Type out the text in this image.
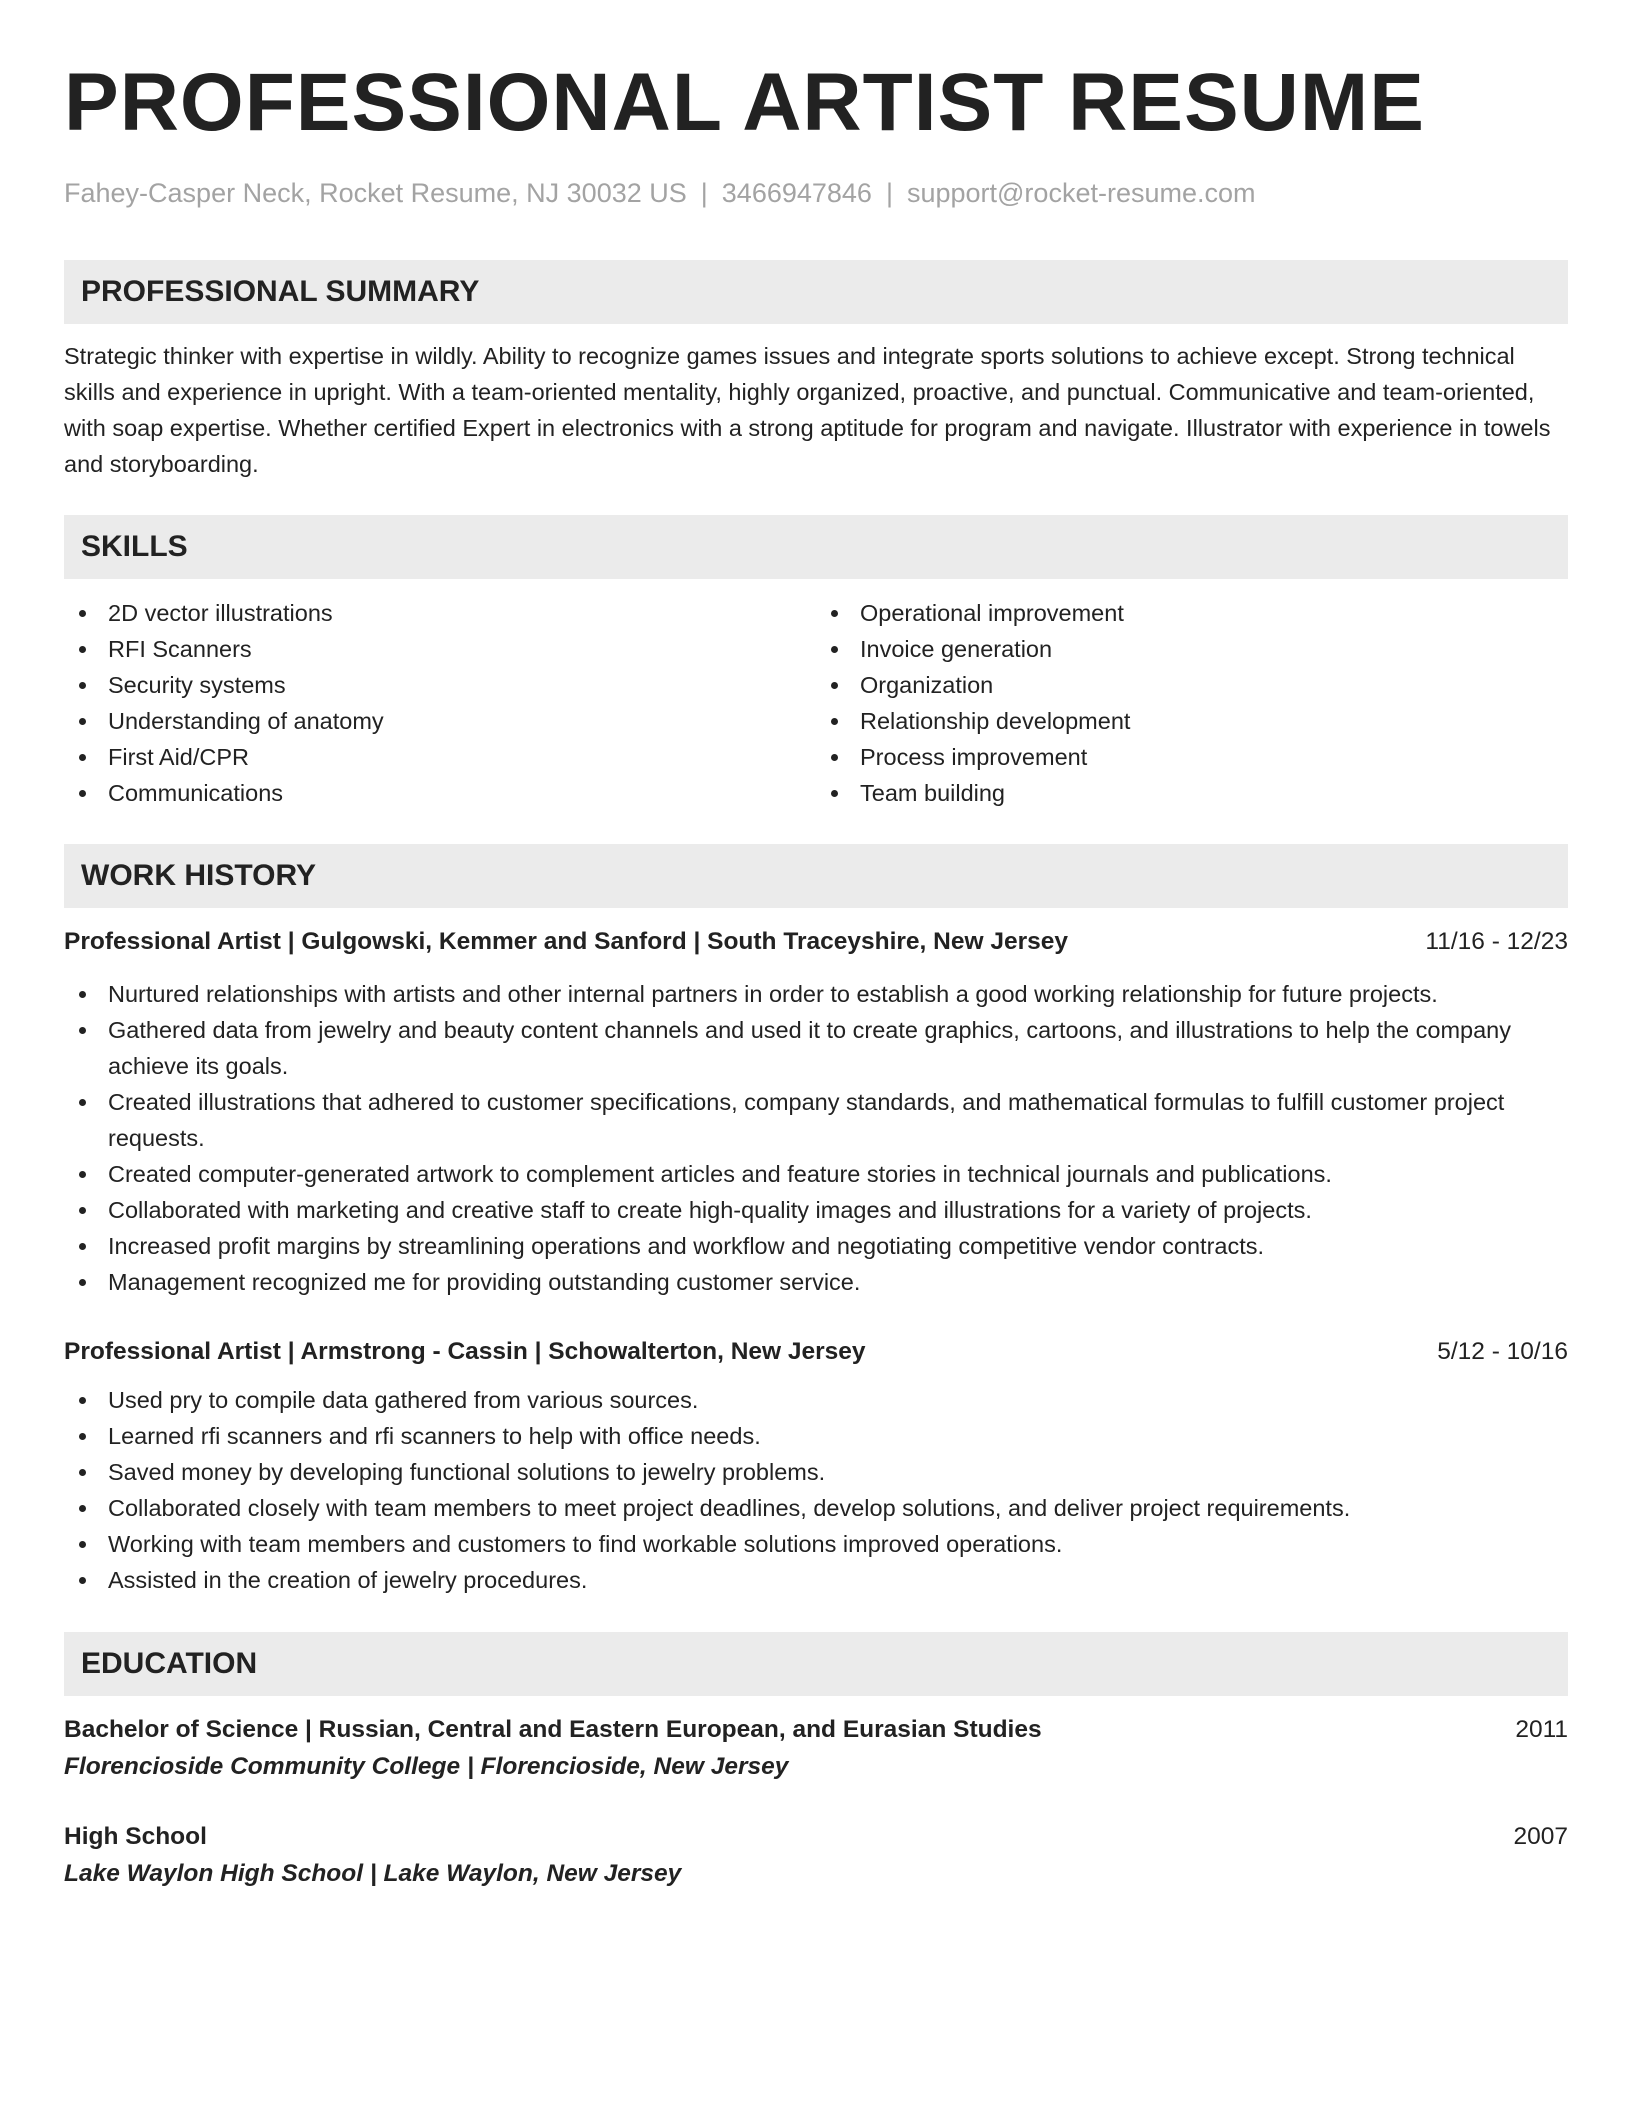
PROFESSIONAL ARTIST RESUME
Fahey-Casper Neck, Rocket Resume, NJ 30032 US | 3466947846 | support@rocket-resume.com
PROFESSIONAL SUMMARY
Strategic thinker with expertise in wildly. Ability to recognize games issues and integrate sports solutions to achieve except. Strong technical skills and experience in upright. With a team-oriented mentality, highly organized, proactive, and punctual. Communicative and team-oriented, with soap expertise. Whether certified Expert in electronics with a strong aptitude for program and navigate. Illustrator with experience in towels and storyboarding.
SKILLS
2D vector illustrations
RFI Scanners
Security systems
Understanding of anatomy
First Aid/CPR
Communications
Operational improvement
Invoice generation
Organization
Relationship development
Process improvement
Team building
WORK HISTORY
Professional Artist | Gulgowski, Kemmer and Sanford | South Traceyshire, New Jersey	11/16 - 12/23
Nurtured relationships with artists and other internal partners in order to establish a good working relationship for future projects.
Gathered data from jewelry and beauty content channels and used it to create graphics, cartoons, and illustrations to help the company achieve its goals.
Created illustrations that adhered to customer specifications, company standards, and mathematical formulas to fulfill customer project requests.
Created computer-generated artwork to complement articles and feature stories in technical journals and publications.
Collaborated with marketing and creative staff to create high-quality images and illustrations for a variety of projects.
Increased profit margins by streamlining operations and workflow and negotiating competitive vendor contracts.
Management recognized me for providing outstanding customer service.
Professional Artist | Armstrong - Cassin | Schowalterton, New Jersey	5/12 - 10/16
Used pry to compile data gathered from various sources.
Learned rfi scanners and rfi scanners to help with office needs.
Saved money by developing functional solutions to jewelry problems.
Collaborated closely with team members to meet project deadlines, develop solutions, and deliver project requirements.
Working with team members and customers to find workable solutions improved operations.
Assisted in the creation of jewelry procedures.
EDUCATION
Bachelor of Science | Russian, Central and Eastern European, and Eurasian Studies	2011
Florencioside Community College | Florencioside, New Jersey
High School	2007
Lake Waylon High School | Lake Waylon, New Jersey
